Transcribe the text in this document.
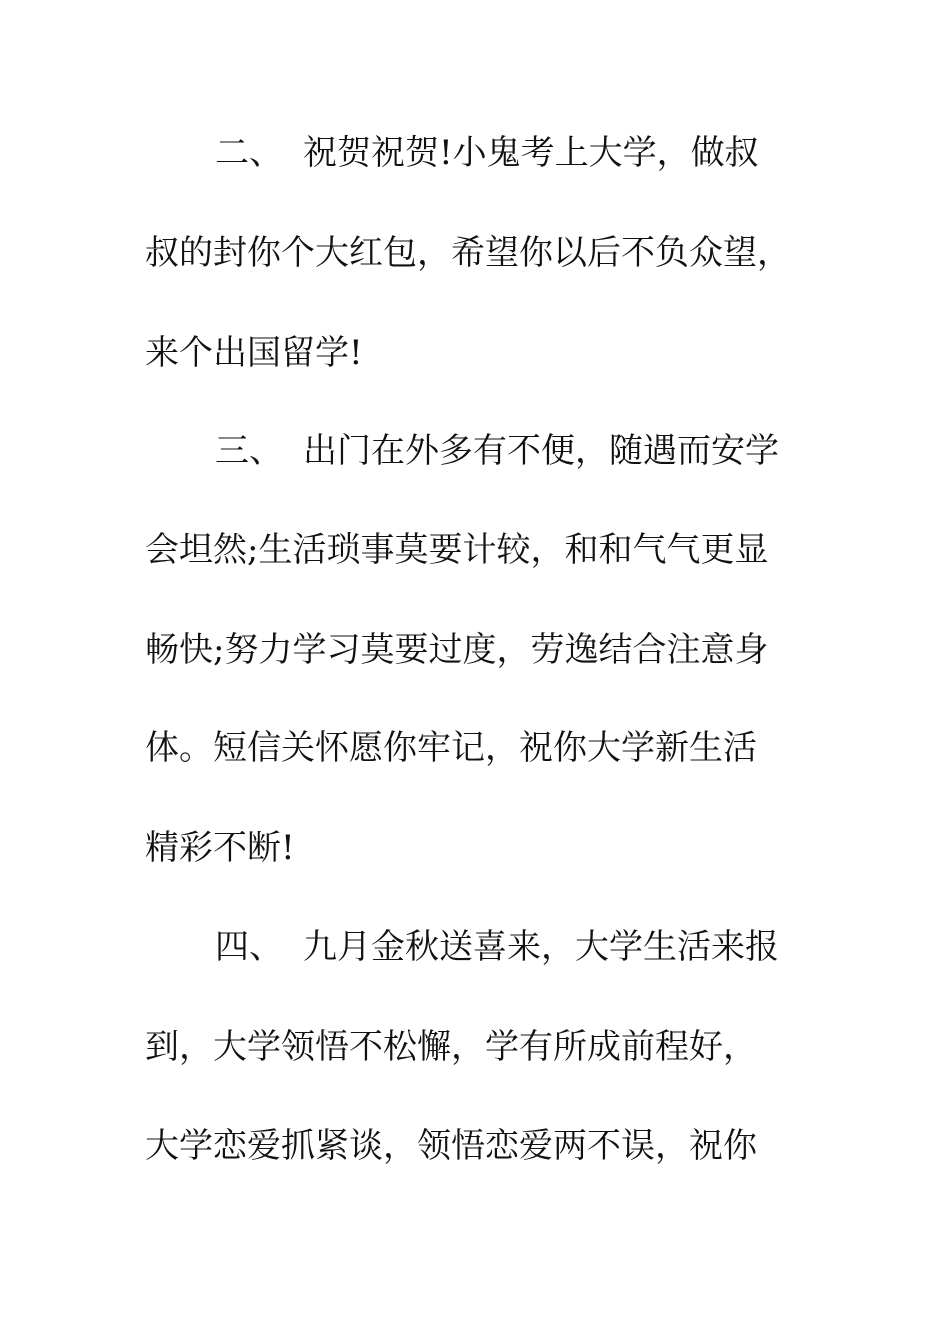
二、 祝贺祝贺!小鬼考上大学，做叔
叔的封你个大红包，希望你以后不负众望，
来个出国留学!
三、 出门在外多有不便，随遇而安学
会坦然;生活琐事莫要计较，和和气气更显
畅快;努力学习莫要过度，劳逸结合注意身
体。短信关怀愿你牢记，祝你大学新生活
精彩不断!
四、 九月金秋送喜来，大学生活来报
到，大学领悟不松懈，学有所成前程好，
大学恋爱抓紧谈，领悟恋爱两不误，祝你
